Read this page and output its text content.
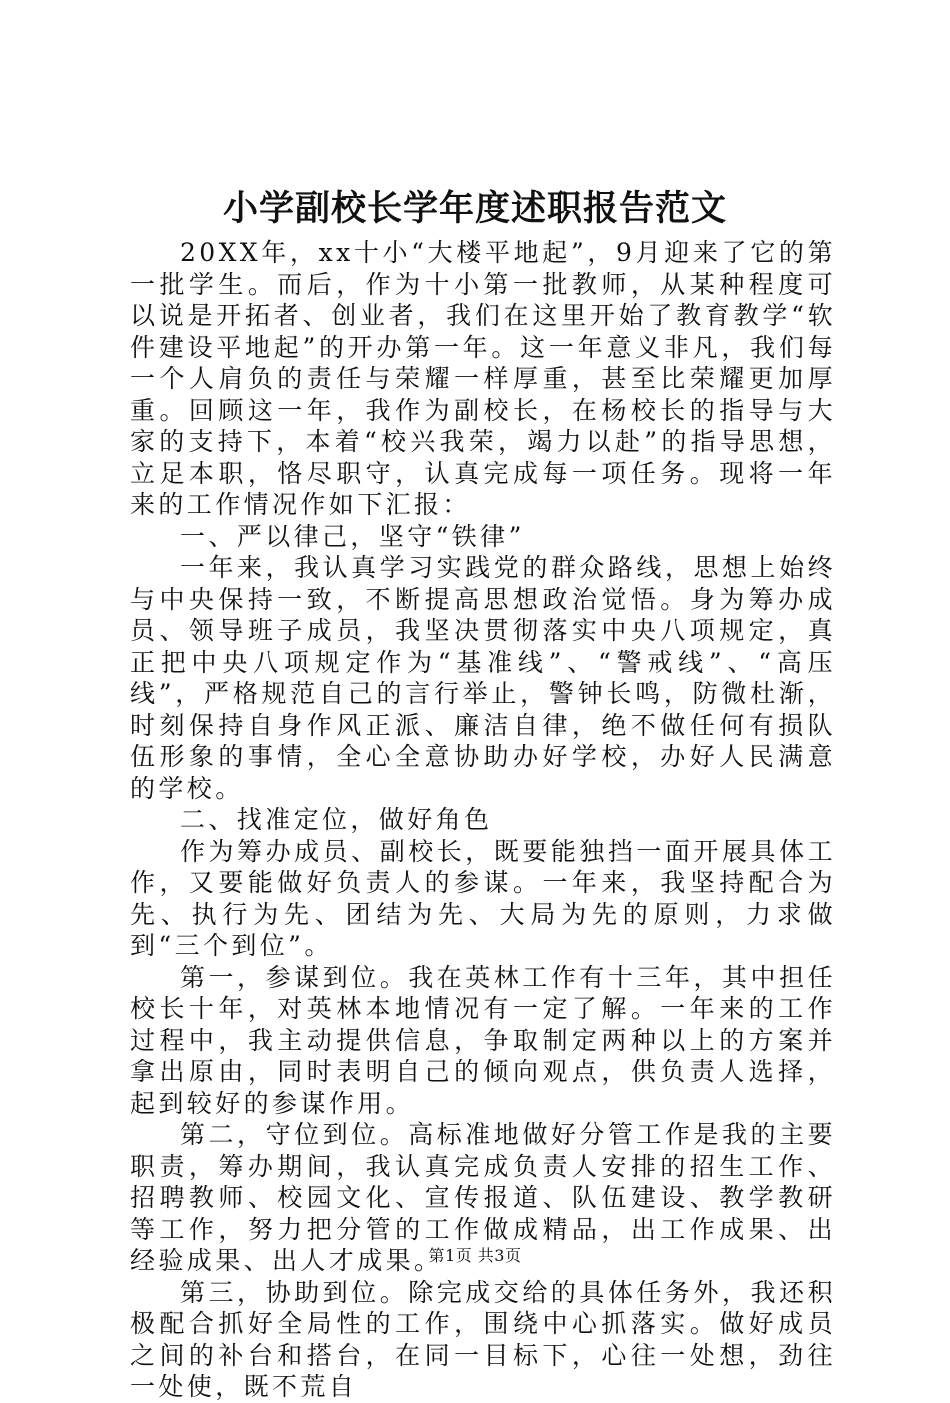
小学副校长学年度述职报告范文

20XX年，xx十小“大楼平地起”，9月迎来了它的第一批学生。而后，作为十小第一批教师，从某种程度可以说是开拓者、创业者，我们在这里开始了教育教学“软件建设平地起”的开办第一年。这一年意义非凡，我们每一个人肩负的责任与荣耀一样厚重，甚至比荣耀更加厚重。回顾这一年，我作为副校长，在杨校长的指导与大家的支持下，本着“校兴我荣，竭力以赴”的指导思想，立足本职，恪尽职守，认真完成每一项任务。现将一年来的工作情况作如下汇报：

一、严以律己，坚守“铁律”

一年来，我认真学习实践党的群众路线，思想上始终与中央保持一致，不断提高思想政治觉悟。身为筹办成员、领导班子成员，我坚决贯彻落实中央八项规定，真正把中央八项规定作为“基准线”、“警戒线”、“高压线”，严格规范自己的言行举止，警钟长鸣，防微杜渐，时刻保持自身作风正派、廉洁自律，绝不做任何有损队伍形象的事情，全心全意协助办好学校，办好人民满意的学校。

二、找准定位，做好角色

作为筹办成员、副校长，既要能独挡一面开展具体工作，又要能做好负责人的参谋。一年来，我坚持配合为先、执行为先、团结为先、大局为先的原则，力求做到“三个到位”。

第一，参谋到位。我在英林工作有十三年，其中担任校长十年，对英林本地情况有一定了解。一年来的工作过程中，我主动提供信息，争取制定两种以上的方案并拿出原由，同时表明自己的倾向观点，供负责人选择，起到较好的参谋作用。

第二，守位到位。高标准地做好分管工作是我的主要职责，筹办期间，我认真完成负责人安排的招生工作、招聘教师、校园文化、宣传报道、队伍建设、教学教研等工作，努力把分管的工作做成精品，出工作成果、出经验成果、出人才成果。

第三，协助到位。除完成交给的具体任务外，我还积极配合抓好全局性的工作，围绕中心抓落实。做好成员之间的补台和搭台，在同一目标下，心往一处想，劲往一处使，既不荒自

第1页 共3页
